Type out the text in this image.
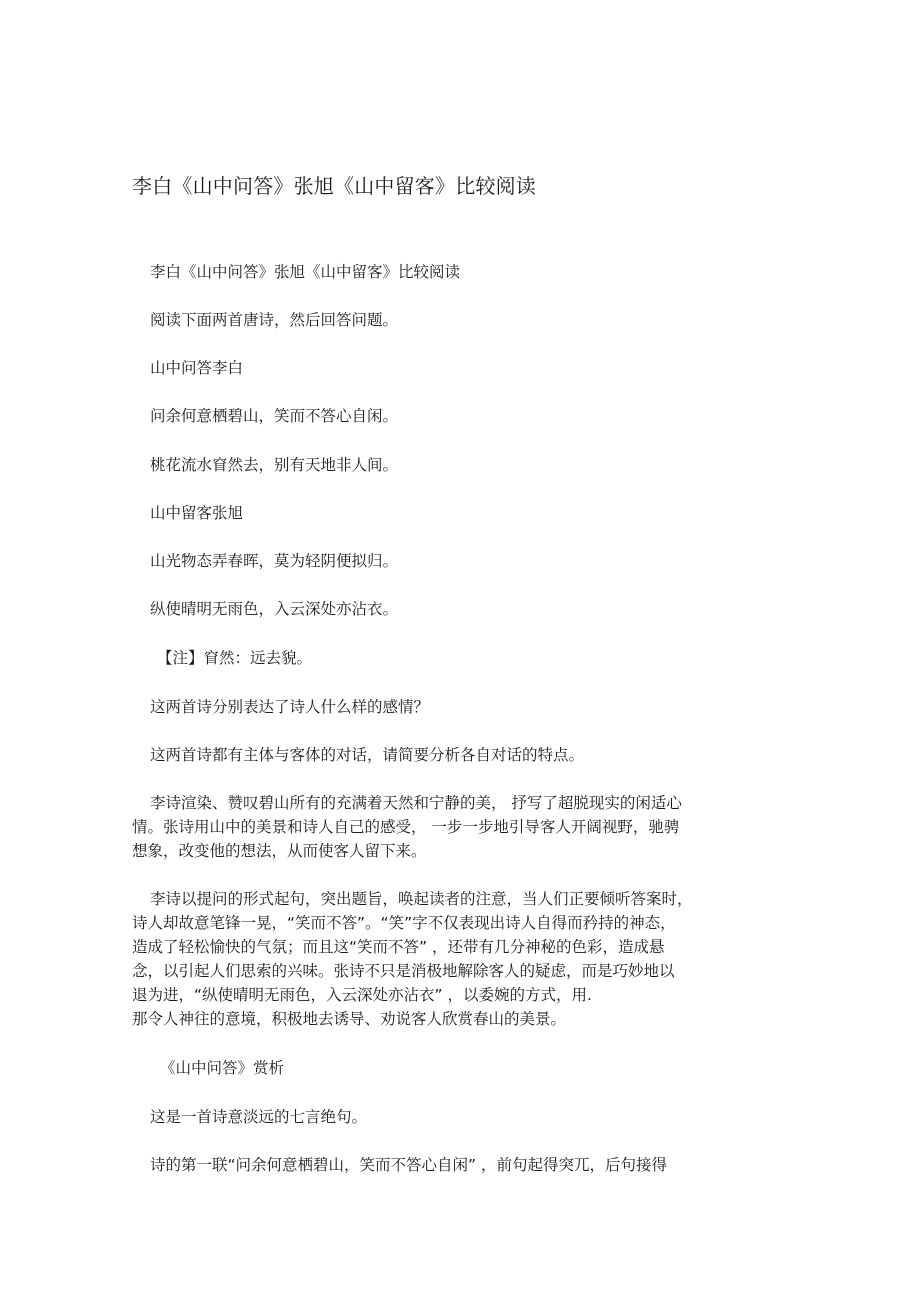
李白《山中问答》张旭《山中留客》比较阅读
李白《山中问答》张旭《山中留客》比较阅读
阅读下面两首唐诗，然后回答问题。
山中问答李白
问余何意栖碧山，笑而不答心自闲。
桃花流水窅然去，别有天地非人间。
山中留客张旭
山光物态弄春晖，莫为轻阴便拟归。
纵使晴明无雨色，入云深处亦沾衣。
【注】窅然：远去貌。
这两首诗分别表达了诗人什么样的感情？
这两首诗都有主体与客体的对话，请简要分析各自对话的特点。
李诗渲染、赞叹碧山所有的充满着天然和宁静的美， 抒写了超脱现实的闲适心
情。张诗用山中的美景和诗人自己的感受， 一步一步地引导客人开阔视野，驰骋
想象，改变他的想法，从而使客人留下来。
李诗以提问的形式起句，突出题旨，唤起读者的注意，当人们正要倾听答案时，
诗人却故意笔锋一晃，“笑而不答”。“笑”字不仅表现出诗人自得而矜持的神态，
造成了轻松愉快的气氛；而且这“笑而不答” ，还带有几分神秘的色彩，造成悬
念，以引起人们思索的兴味。张诗不只是消极地解除客人的疑虑，而是巧妙地以
退为进，“纵使晴明无雨色，入云深处亦沾衣” ，以委婉的方式，用.
那令人神往的意境，积极地去诱导、劝说客人欣赏春山的美景。
《山中问答》赏析
这是一首诗意淡远的七言绝句。
诗的第一联“问余何意栖碧山，笑而不答心自闲” ，前句起得突兀，后句接得
